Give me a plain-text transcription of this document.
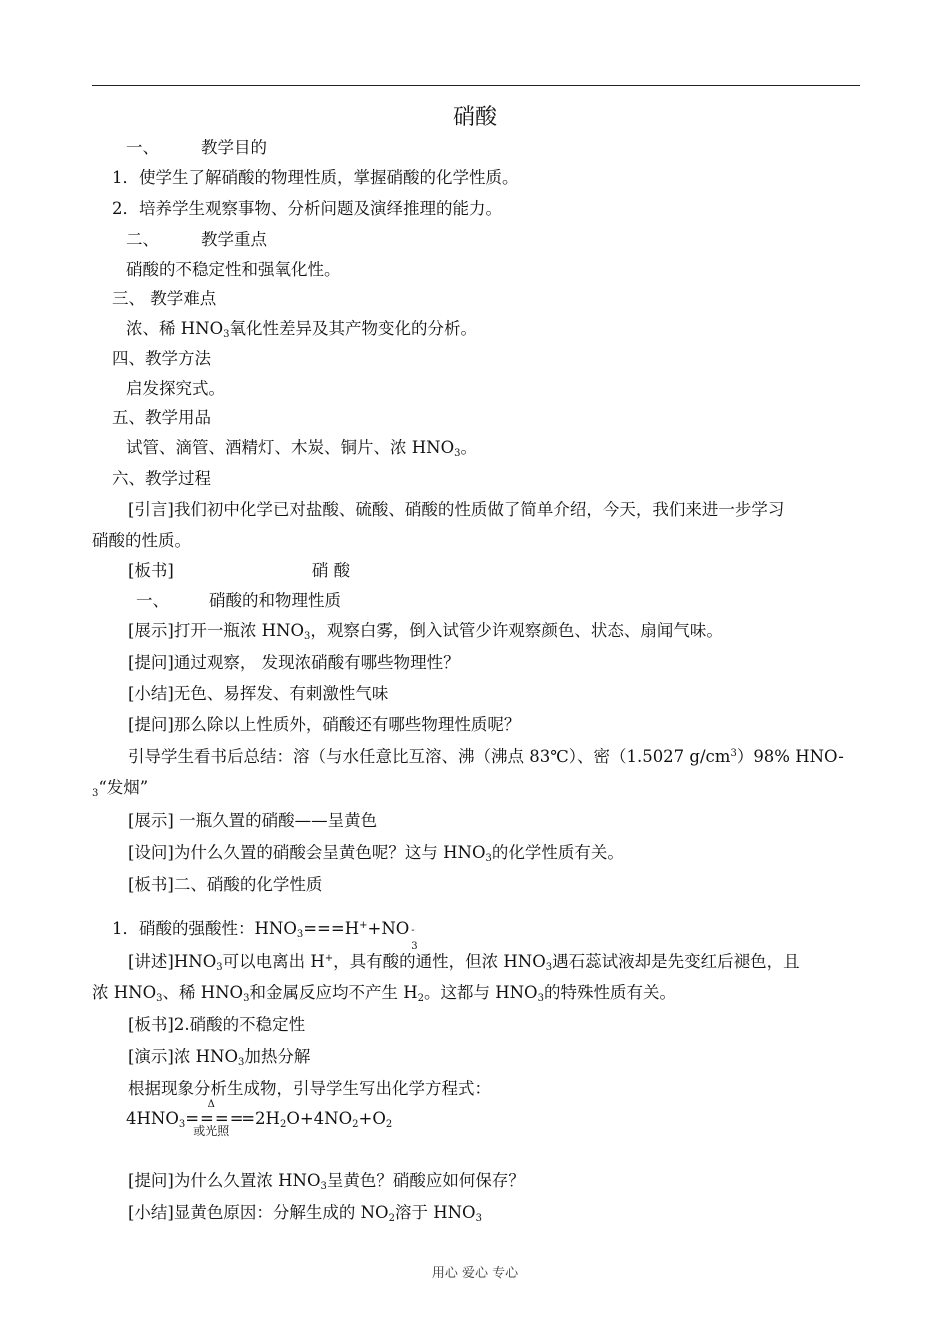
硝酸
一、	教学目的
1．使学生了解硝酸的物理性质，掌握硝酸的化学性质。
2．培养学生观察事物、分析问题及演绎推理的能力。
二、	教学重点
硝酸的不稳定性和强氧化性。
三、 教学难点
浓、稀 $HNO_3$氧化性差异及其产物变化的分析。
四、教学方法
启发探究式。
五、教学用品
试管、滴管、酒精灯、木炭、铜片、浓 $HNO_3$。
六、教学过程
[引言]我们初中化学已对盐酸、硫酸、硝酸的性质做了简单介绍，今天，我们来进一步学习
硝酸的性质。
[板书]	硝 酸
一、 硝酸的和物理性质
[展示]打开一瓶浓 $HNO_3$，观察白雾，倒入试管少许观察颜色、状态、扇闻气味。
[提问]通过观察， 发现浓硝酸有哪些物理性？
[小结]无色、易挥发、有刺激性气味
[提问]那么除以上性质外，硝酸还有哪些物理性质呢？
引导学生看书后总结：溶（与水任意比互溶、沸（沸点 83℃）、密（1.5027 $g/cm^3)98\%$ HNO-
$_3$“发烟”
[展示] 一瓶久置的硝酸——呈黄色
[设问]为什么久置的硝酸会呈黄色呢？这与 $HNO_3$的化学性质有关。
[板书]二、硝酸的化学性质
1．硝酸的强酸性：$HNO_3===H^++NO$ -
3
[讲述]$HNO_3$可以电离出 H+，具有酸的通性，但浓 $HNO_3$遇石蕊试液却是先变红后褪色，且
浓 $HNO_3$、稀 $HNO_3$和金属反应均不产生 $H_2$。这都与 $HNO_3$的特殊性质有关。
[板书]2.硝酸的不稳定性
[演示]浓 $HNO_3$加热分解
根据现象分析生成物，引导学生写出化学方程式：
$4HNO_3$
Δ
====
或光照
$=2H_2O+4NO_2+O_2$
[提问]为什么久置浓 $HNO_3$呈黄色？硝酸应如何保存？
[小结]显黄色原因：分解生成的 $NO_2$溶于 $HNO_3$
用心 爱心 专心
